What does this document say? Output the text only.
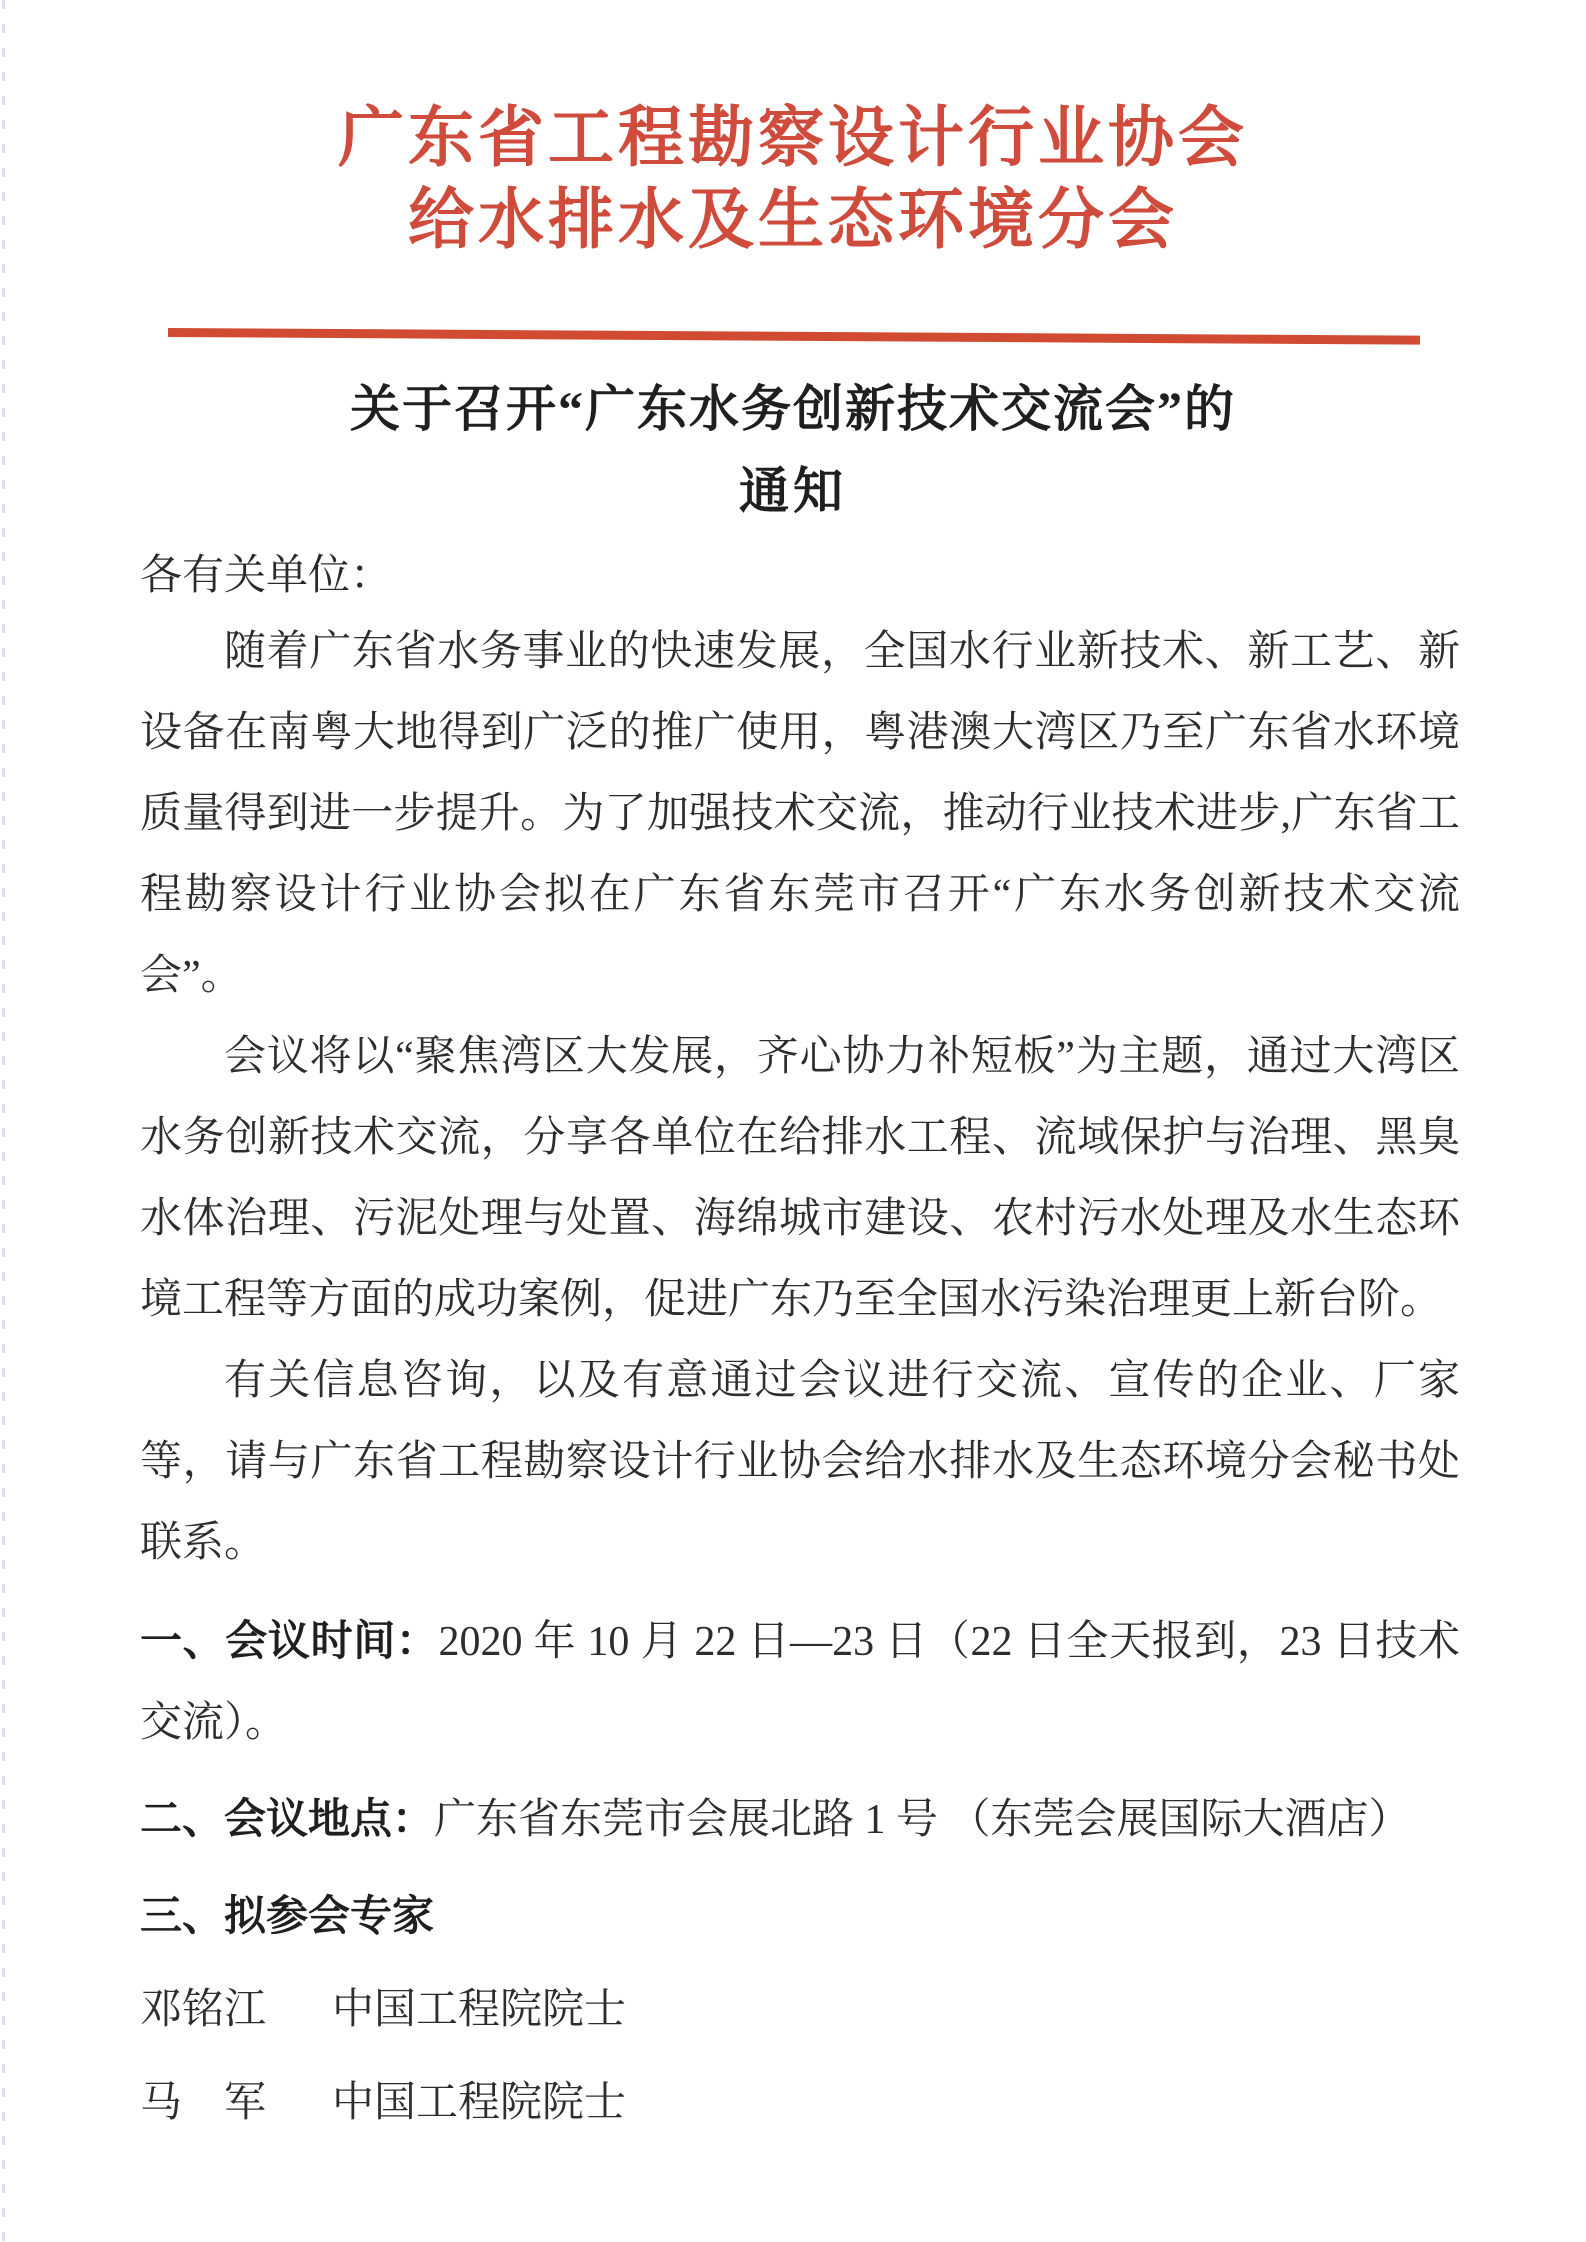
广东省工程勘察设计行业协会
给水排水及生态环境分会
关于召开“广东水务创新技术交流会”的
通知
各有关单位：

随着广东省水务事业的快速发展，全国水行业新技术、新工艺、新设备在南粤大地得到广泛的推广使用，粤港澳大湾区乃至广东省水环境质量得到进一步提升。为了加强技术交流，推动行业技术进步,广东省工程勘察设计行业协会拟在广东省东莞市召开“广东水务创新技术交流会”。

会议将以“聚焦湾区大发展，齐心协力补短板”为主题，通过大湾区水务创新技术交流，分享各单位在给排水工程、流域保护与治理、黑臭水体治理、污泥处理与处置、海绵城市建设、农村污水处理及水生态环境工程等方面的成功案例，促进广东乃至全国水污染治理更上新台阶。

有关信息咨询，以及有意通过会议进行交流、宣传的企业、厂家等，请与广东省工程勘察设计行业协会给水排水及生态环境分会秘书处联系。

一、会议时间：2020 年 10 月 22 日—23 日（22 日全天报到，23 日技术交流）。

二、会议地点：广东省东莞市会展北路 1 号 （东莞会展国际大酒店）

三、拟参会专家

邓铭江 中国工程院院士
马　军 中国工程院院士
